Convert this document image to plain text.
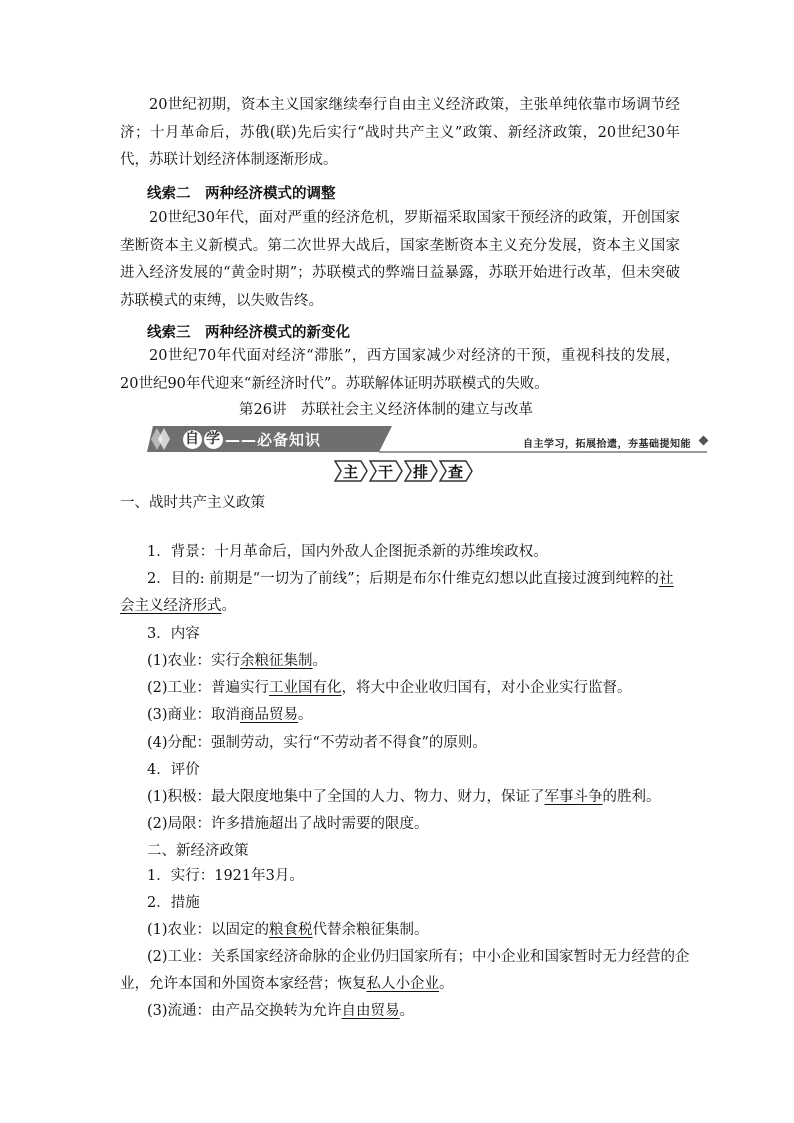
20世纪初期，资本主义国家继续奉行自由主义经济政策，主张单纯依靠市场调节经济；十月革命后，苏俄(联)先后实行“战时共产主义”政策、新经济政策，20世纪30年代，苏联计划经济体制逐渐形成。

线索二　两种经济模式的调整

20世纪30年代，面对严重的经济危机，罗斯福采取国家干预经济的政策，开创国家垄断资本主义新模式。第二次世界大战后，国家垄断资本主义充分发展，资本主义国家进入经济发展的“黄金时期”；苏联模式的弊端日益暴露，苏联开始进行改革，但未突破苏联模式的束缚，以失败告终。

线索三　两种经济模式的新变化

20世纪70年代面对经济“滞胀”，西方国家减少对经济的干预，重视科技的发展，20世纪90年代迎来“新经济时代”。苏联解体证明苏联模式的失败。

第26讲　苏联社会主义经济体制的建立与改革

自 学 ——必备知识	自主学习，拓展拾遗，夯基础提知能
主 干 排 查

一、战时共产主义政策

1．背景：十月革命后，国内外敌人企图扼杀新的苏维埃政权。

2．目的: 前期是“一切为了前线”；后期是布尔什维克幻想以此直接过渡到纯粹的社

会主义经济形式。

3．内容

(1)农业：实行余粮征集制。

(2)工业：普遍实行工业国有化，将大中企业收归国有，对小企业实行监督。

(3)商业：取消商品贸易。

(4)分配：强制劳动，实行“不劳动者不得食”的原则。

4．评价

(1)积极：最大限度地集中了全国的人力、物力、财力，保证了军事斗争的胜利。

(2)局限：许多措施超出了战时需要的限度。

二、新经济政策

1．实行：1921年3月。

2．措施

(1)农业：以固定的粮食税代替余粮征集制。

(2)工业：关系国家经济命脉的企业仍归国家所有；中小企业和国家暂时无力经营的企

业，允许本国和外国资本家经营；恢复私人小企业。

(3)流通：由产品交换转为允许自由贸易。
